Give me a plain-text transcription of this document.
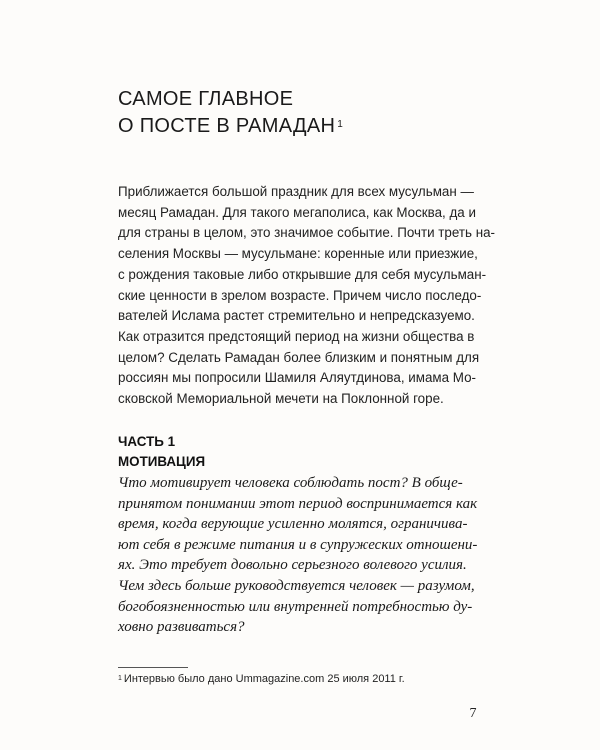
САМОЕ ГЛАВНОЕ
О ПОСТЕ В РАМАДАН $^1$
Приближается большой праздник для всех мусульман —
месяц Рамадан. Для такого мегаполиса, как Москва, да и
для страны в целом, это значимое событие. Почти треть на-
селения Москвы — мусульмане: коренные или приезжие,
с рождения таковые либо открывшие для себя мусульман-
ские ценности в зрелом возрасте. Причем число последо-
вателей Ислама растет стремительно и непредсказуемо.
Как отразится предстоящий период на жизни общества в
целом? Сделать Рамадан более близким и понятным для
россиян мы попросили Шамиля Аляутдинова, имама Мо-
сковской Мемориальной мечети на Поклонной горе.
ЧАСТЬ 1
МОТИВАЦИЯ
Что мотивирует человека соблюдать пост? В обще-
принятом понимании этот период воспринимается как
время, когда верующие усиленно молятся, ограничива-
ют себя в режиме питания и в супружеских отношени-
ях. Это требует довольно серьезного волевого усилия.
Чем здесь больше руководствуется человек — разумом,
богобоязненностью или внутренней потребностью ду-
ховно развиваться?
$^1$ Интервью было дано Ummagazine.com 25 июля 2011 г.
7
